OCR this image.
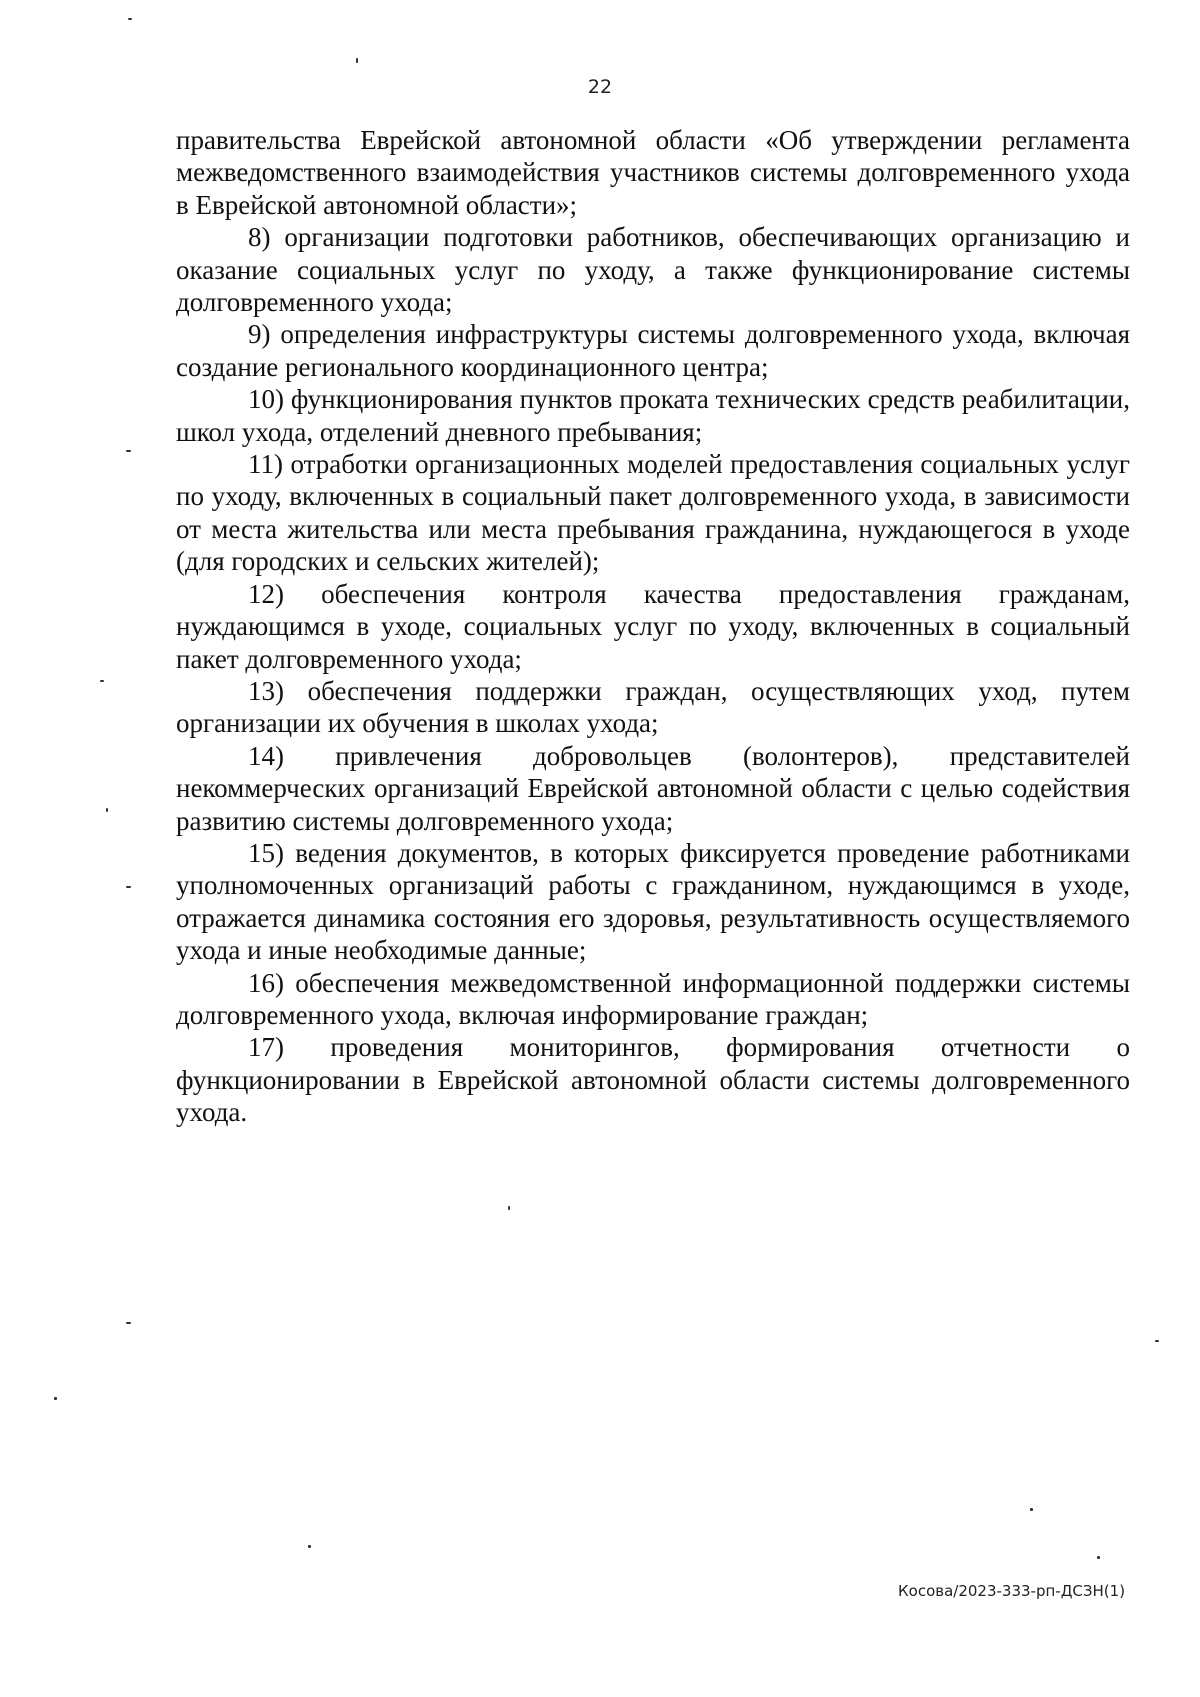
22

правительства Еврейской автономной области «Об утверждении регламента межведомственного взаимодействия участников системы долговременного ухода в Еврейской автономной области»;

8) организации подготовки работников, обеспечивающих организацию и оказание социальных услуг по уходу, а также функционирование системы долговременного ухода;

9) определения инфраструктуры системы долговременного ухода, включая создание регионального координационного центра;

10) функционирования пунктов проката технических средств реабилитации, школ ухода, отделений дневного пребывания;

11) отработки организационных моделей предоставления социальных услуг по уходу, включенных в социальный пакет долговременного ухода, в зависимости от места жительства или места пребывания гражданина, нуждающегося в уходе (для городских и сельских жителей);

12) обеспечения контроля качества предоставления гражданам, нуждающимся в уходе, социальных услуг по уходу, включенных в социальный пакет долговременного ухода;

13) обеспечения поддержки граждан, осуществляющих уход, путем организации их обучения в школах ухода;

14) привлечения добровольцев (волонтеров), представителей некоммерческих организаций Еврейской автономной области с целью содействия развитию системы долговременного ухода;

15) ведения документов, в которых фиксируется проведение работниками уполномоченных организаций работы с гражданином, нуждающимся в уходе, отражается динамика состояния его здоровья, результативность осуществляемого ухода и иные необходимые данные;

16) обеспечения межведомственной информационной поддержки системы долговременного ухода, включая информирование граждан;

17) проведения мониторингов, формирования отчетности о функционировании в Еврейской автономной области системы долговременного ухода.

Косова/2023-333-рп-ДСЗН(1)
